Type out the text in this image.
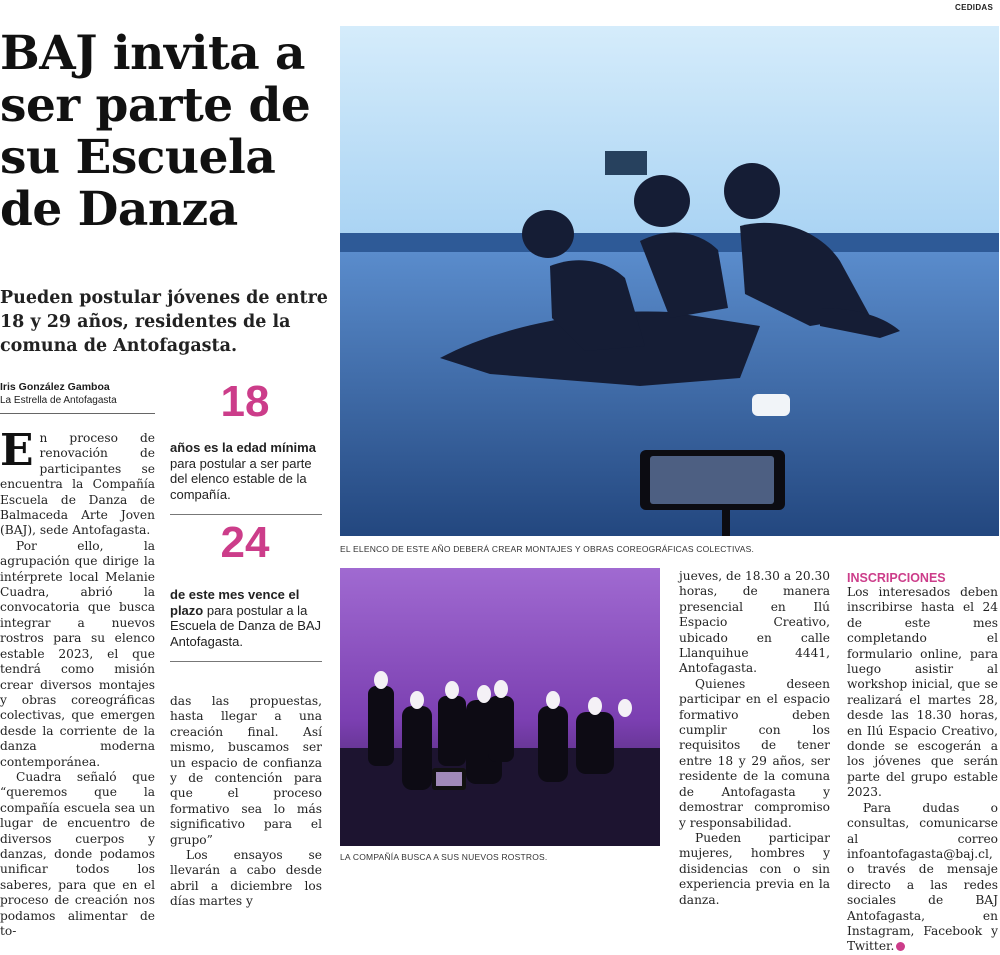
CEDIDAS
BAJ invita a ser parte de su Escuela de Danza

Pueden postular jóvenes de entre 18 y 29 años, residentes de la comuna de Antofagasta.

Iris González Gamboa
La Estrella de Antofagasta

En proceso de renovación de participantes se encuentra la Compañía Escuela de Danza de Balmaceda Arte Joven (BAJ), sede Antofagasta.

Por ello, la agrupación que dirige la intérprete local Melanie Cuadra, abrió la convocatoria que busca integrar a nuevos rostros para su elenco estable 2023, el que tendrá como misión crear diversos montajes y obras coreográficas colectivas, que emergen desde la corriente de la danza moderna contemporánea.

Cuadra señaló que “queremos que la compañía escuela sea un lugar de encuentro de diversos cuerpos y danzas, donde podamos unificar todos los saberes, para que en el proceso de creación nos podamos alimentar de to-

18
años es la edad mínima para postular a ser parte del elenco estable de la compañía.
24
de este mes vence el plazo para postular a la Escuela de Danza de BAJ Antofagasta.

das las propuestas, hasta llegar a una creación final. Así mismo, buscamos ser un espacio de confianza y de contención para que el proceso formativo sea lo más significativo para el grupo”

Los ensayos se llevarán a cabo desde abril a diciembre los días martes y

EL ELENCO DE ESTE AÑO DEBERÁ CREAR MONTAJES Y OBRAS COREOGRÁFICAS COLECTIVAS.
LA COMPAÑÍA BUSCA A SUS NUEVOS ROSTROS.

jueves, de 18.30 a 20.30 horas, de manera presencial en Ilú Espacio Creativo, ubicado en calle Llanquihue 4441, Antofagasta.

Quienes deseen participar en el espacio formativo deben cumplir con los requisitos de tener entre 18 y 29 años, ser residente de la comuna de Antofagasta y demostrar compromiso y responsabilidad.

Pueden participar mujeres, hombres y disidencias con o sin experiencia previa en la danza.

INSCRIPCIONES

Los interesados deben inscribirse hasta el 24 de este mes completando el formulario online, para luego asistir al workshop inicial, que se realizará el martes 28, desde las 18.30 horas, en Ilú Espacio Creativo, donde se escogerán a los jóvenes que serán parte del grupo estable 2023.

Para dudas o consultas, comunicarse al correo infoantofagasta@baj.cl, o través de mensaje directo a las redes sociales de BAJ Antofagasta, en Instagram, Facebook y Twitter.
